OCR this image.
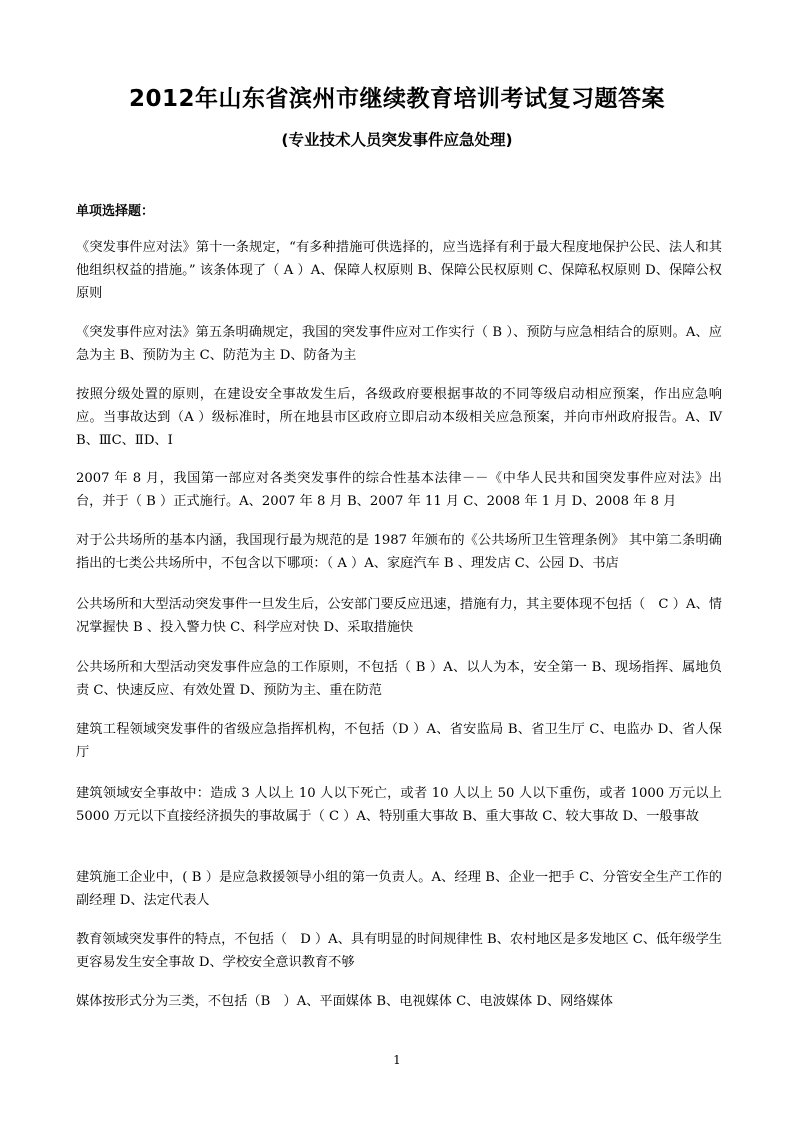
2012年山东省滨州市继续教育培训考试复习题答案
(专业技术人员突发事件应急处理)
单项选择题：

《突发事件应对法》第十一条规定，“有多种措施可供选择的，应当选择有利于最大程度地保护公民、法人和其他组织权益的措施。” 该条体现了（ A ）A、保障人权原则 B、保障公民权原则 C、保障私权原则 D、保障公权原则

《突发事件应对法》第五条明确规定，我国的突发事件应对工作实行（ B ）、预防与应急相结合的原则。A、应急为主 B、预防为主 C、防范为主 D、防备为主

按照分级处置的原则，在建设安全事故发生后，各级政府要根据事故的不同等级启动相应预案，作出应急响应。当事故达到（A ）级标准时，所在地县市区政府立即启动本级相关应急预案，并向市州政府报告。A、ⅣB、ⅢC、ⅡD、Ⅰ

2007 年 8 月，我国第一部应对各类突发事件的综合性基本法律－－《中华人民共和国突发事件应对法》出台，并于（ B ）正式施行。A、2007 年 8 月 B、2007 年 11 月 C、2008 年 1 月 D、2008 年 8 月

对于公共场所的基本内涵，我国现行最为规范的是 1987 年颁布的《公共场所卫生管理条例》 其中第二条明确指出的七类公共场所中，不包含以下哪项：（ A ）A、家庭汽车 B 、理发店 C、公园 D、书店

公共场所和大型活动突发事件一旦发生后，公安部门要反应迅速，措施有力，其主要体现不包括（　C ）A、情况掌握快 B 、投入警力快 C、科学应对快 D、采取措施快

公共场所和大型活动突发事件应急的工作原则，不包括（ B ）A、以人为本，安全第一 B、现场指挥、属地负责 C、快速反应、有效处置 D、预防为主、重在防范

建筑工程领域突发事件的省级应急指挥机构，不包括（D ）A、省安监局 B、省卫生厅 C、电监办 D、省人保厅

建筑领域安全事故中：造成 3 人以上 10 人以下死亡，或者 10 人以上 50 人以下重伤，或者 1000 万元以上 5000 万元以下直接经济损失的事故属于（ C ）A、特别重大事故 B、重大事故 C、较大事故 D、一般事故

建筑施工企业中，( B ）是应急救援领导小组的第一负责人。A、经理 B、企业一把手 C、分管安全生产工作的副经理 D、法定代表人

教育领域突发事件的特点，不包括（　D ）A、具有明显的时间规律性 B、农村地区是多发地区 C、低年级学生更容易发生安全事故 D、学校安全意识教育不够

媒体按形式分为三类，不包括（B　）A、平面媒体 B、电视媒体 C、电波媒体 D、网络媒体

1
